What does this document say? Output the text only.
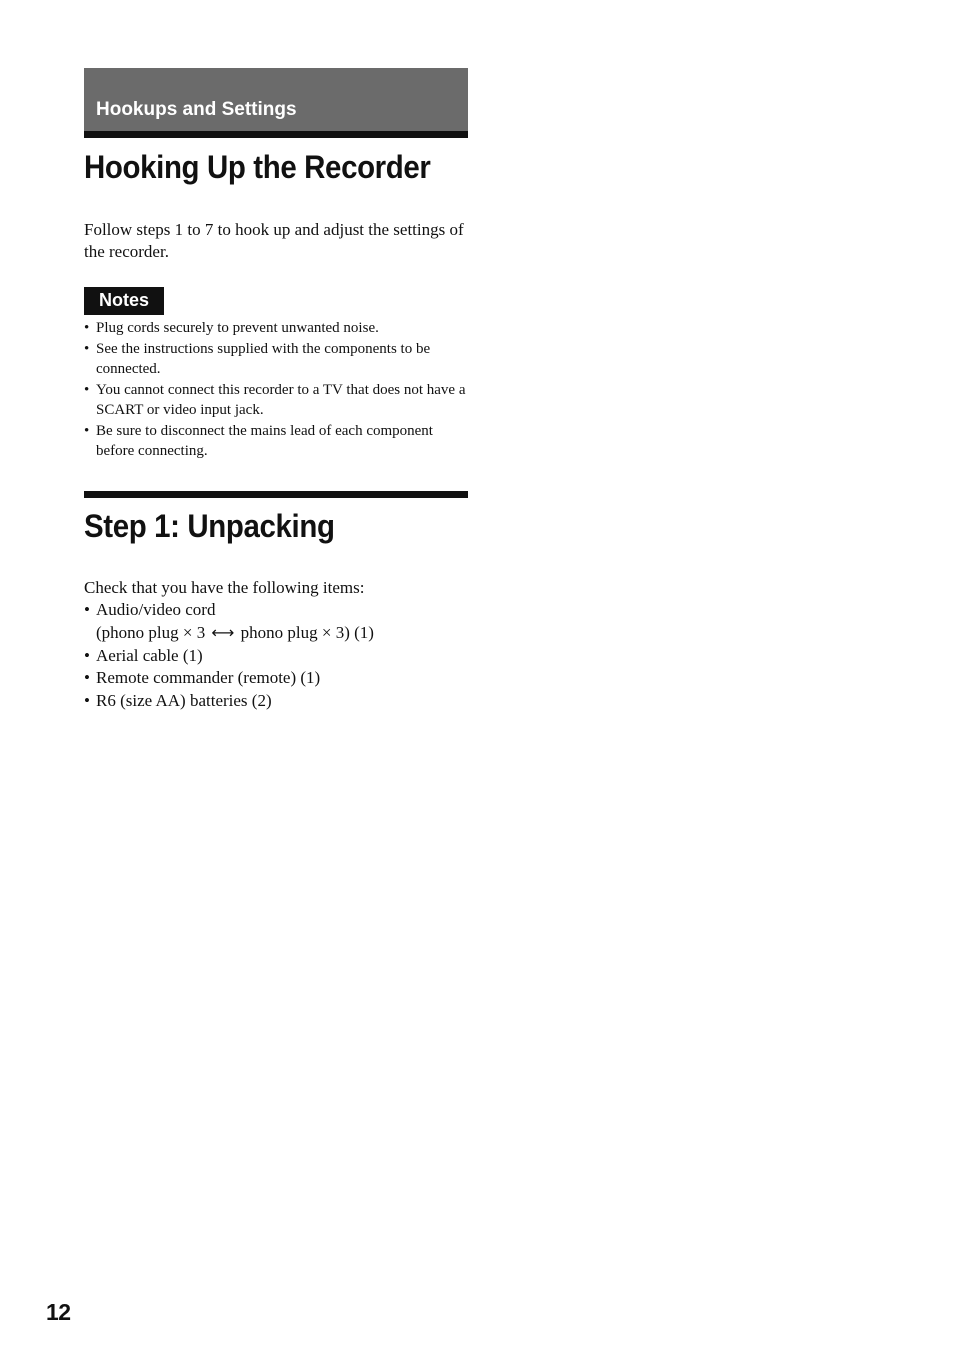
Hookups and Settings
Hooking Up the Recorder

Follow steps 1 to 7 to hook up and adjust the settings of the recorder.

Notes
• Plug cords securely to prevent unwanted noise.
• See the instructions supplied with the components to be connected.
• You cannot connect this recorder to a TV that does not have a SCART or video input jack.
• Be sure to disconnect the mains lead of each component before connecting.
Step 1: Unpacking

Check that you have the following items:

• Audio/video cord
(phono plug × 3 ⟷ phono plug × 3) (1)
• Aerial cable (1)
• Remote commander (remote) (1)
• R6 (size AA) batteries (2)
12
